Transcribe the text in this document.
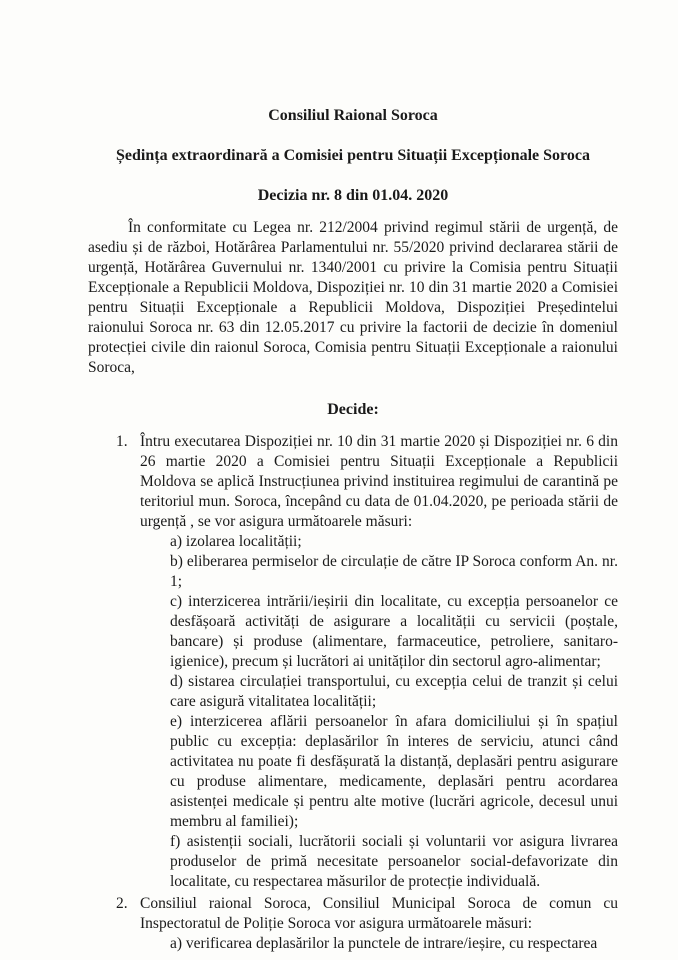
Consiliul Raional Soroca
Ședința extraordinară a Comisiei pentru Situații Excepționale Soroca
Decizia nr. 8 din 01.04. 2020

În conformitate cu Legea nr. 212/2004 privind regimul stării de urgență, de asediu și de război, Hotărârea Parlamentului nr. 55/2020 privind declararea stării de urgență, Hotărârea Guvernului nr. 1340/2001 cu privire la Comisia pentru Situații Excepționale a Republicii Moldova, Dispoziției nr. 10 din 31 martie 2020 a Comisiei pentru Situații Excepționale a Republicii Moldova, Dispoziției Președintelui raionului Soroca nr. 63 din 12.05.2017 cu privire la factorii de decizie în domeniul protecției civile din raionul Soroca, Comisia pentru Situații Excepționale a raionului Soroca,

Decide:
1. Întru executarea Dispoziției nr. 10 din 31 martie 2020 și Dispoziției nr. 6 din 26 martie 2020 a Comisiei pentru Situații Excepționale a Republicii Moldova se aplică Instrucțiunea privind instituirea regimului de carantină pe teritoriul mun. Soroca, începând cu data de 01.04.2020, pe perioada stării de urgență , se vor asigura următoarele măsuri:
a) izolarea localității;
b) eliberarea permiselor de circulație de către IP Soroca conform An. nr. 1;
c) interzicerea intrării/ieșirii din localitate, cu excepția persoanelor ce desfășoară activități de asigurare a localității cu servicii (poștale, bancare) și produse (alimentare, farmaceutice, petroliere, sanitaro-igienice), precum și lucrători ai unităților din sectorul agro-alimentar;
d) sistarea circulației transportului, cu excepția celui de tranzit și celui care asigură vitalitatea localității;
e) interzicerea aflării persoanelor în afara domiciliului și în spațiul public cu excepția: deplasărilor în interes de serviciu, atunci când activitatea nu poate fi desfășurată la distanță, deplasări pentru asigurare cu produse alimentare, medicamente, deplasări pentru acordarea asistenței medicale și pentru alte motive (lucrări agricole, decesul unui membru al familiei);
f) asistenții sociali, lucrătorii sociali și voluntarii vor asigura livrarea produselor de primă necesitate persoanelor social-defavorizate din localitate, cu respectarea măsurilor de protecție individuală.
2. Consiliul raional Soroca, Consiliul Municipal Soroca de comun cu Inspectoratul de Poliție Soroca vor asigura următoarele măsuri:
a) verificarea deplasărilor la punctele de intrare/ieșire, cu respectarea
